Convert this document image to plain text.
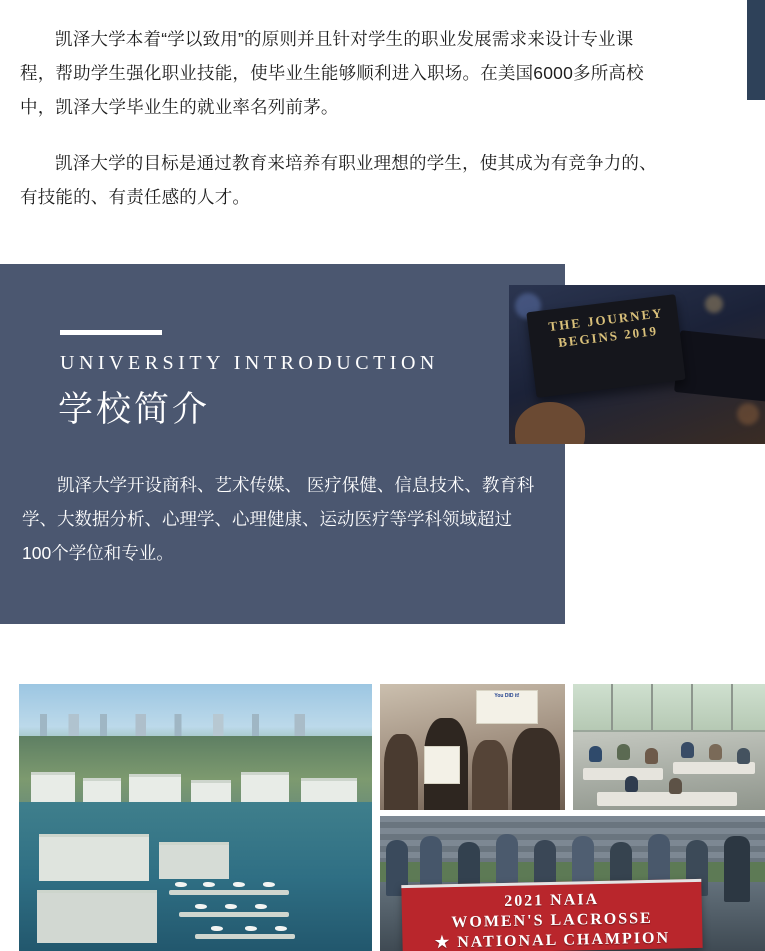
凯泽大学本着“学以致用”的原则并且针对学生的职业发展需求来设计专业课程，帮助学生强化职业技能，使毕业生能够顺利进入职场。在美国6000多所高校中，凯泽大学毕业生的就业率名列前茅。

凯泽大学的目标是通过教育来培养有职业理想的学生，使其成为有竞争力的、有技能的、有责任感的人才。

UNIVERSITY INTRODUCTION
学校简介

凯泽大学开设商科、艺术传媒、 医疗保健、信息技术、教育科学、大数据分析、心理学、心理健康、运动医疗等学科领域超过100个学位和专业。

THE JOURNEY BEGINS 2019
You DID it!
2021 NAIA
WOMEN'S LACROSSE
★ NATIONAL CHAMPION
